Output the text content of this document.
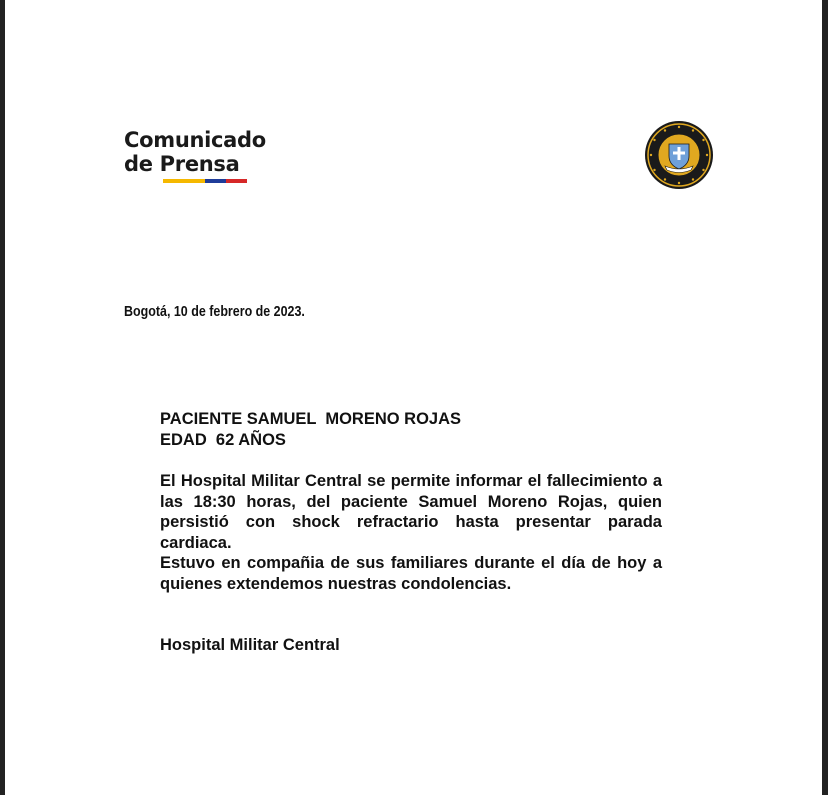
Comunicado
de Prensa
Bogotá, 10 de febrero de 2023.
PACIENTE SAMUEL  MORENO ROJAS
EDAD  62 AÑOS

El Hospital Militar Central se permite informar el fallecimiento a las 18:30 horas, del paciente Samuel Moreno Rojas, quien persistió con shock refractario hasta presentar parada cardiaca.

Estuvo en compañia de sus familiares durante el día de hoy a quienes extendemos nuestras condolencias.

Hospital Militar Central
